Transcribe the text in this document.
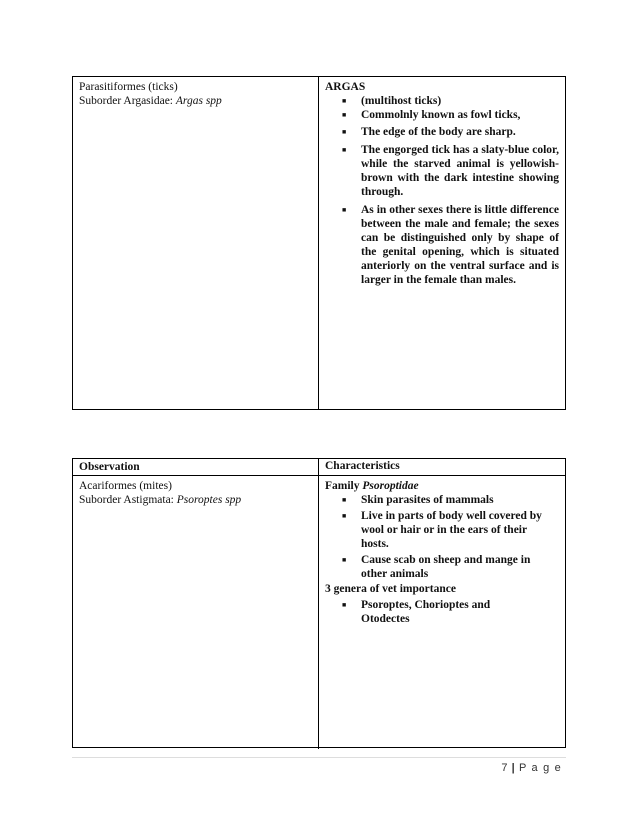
Parasitiformes (ticks)
Suborder Argasidae: Argas spp
ARGAS
■ (multihost ticks)
■ Commolnly known as fowl ticks,
■ The edge of the body are sharp.
■ The engorged tick has a slaty-blue color, while the starved animal is yellowish-brown with the dark intestine showing through.
■ As in other sexes there is little difference between the male and female; the sexes can be distinguished only by shape of the genital opening, which is situated anteriorly on the ventral surface and is larger in the female than males.
Observation	Characteristics
Acariformes (mites)
Suborder Astigmata: Psoroptes spp
Family Psoroptidae
■ Skin parasites of mammals
■ Live in parts of body well covered by wool or hair or in the ears of their hosts.
■ Cause scab on sheep and mange in other animals
3 genera of vet importance
■ Psoroptes, Chorioptes and Otodectes
7 | P a g e
